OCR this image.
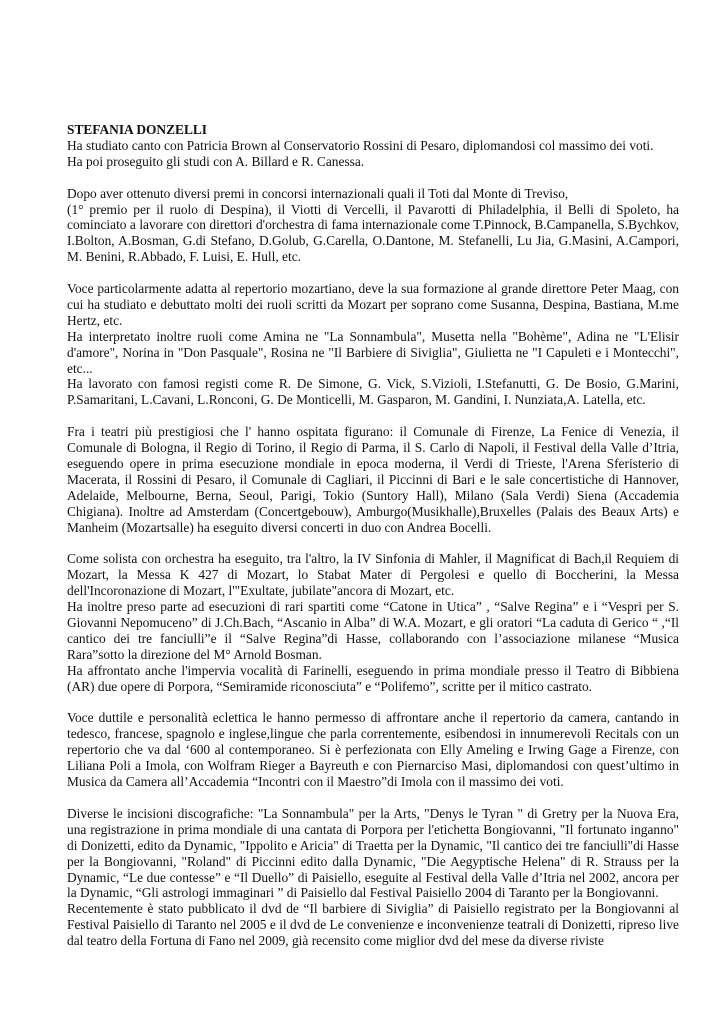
STEFANIA DONZELLI
Ha studiato canto con Patricia Brown al Conservatorio Rossini di Pesaro, diplomandosi col massimo dei voti.
Ha poi proseguito gli studi con A. Billard e R. Canessa.
Dopo aver ottenuto diversi premi in concorsi internazionali quali il Toti dal Monte di Treviso,
(1° premio per il ruolo di Despina), il Viotti di Vercelli, il Pavarotti di Philadelphia, il Belli di Spoleto, ha cominciato a lavorare con direttori d'orchestra di fama internazionale come T.Pinnock, B.Campanella, S.Bychkov, I.Bolton, A.Bosman, G.di Stefano, D.Golub, G.Carella, O.Dantone, M. Stefanelli, Lu Jia, G.Masini, A.Campori, M. Benini, R.Abbado, F. Luisi, E. Hull, etc.
Voce particolarmente adatta al repertorio mozartiano, deve la sua formazione al grande direttore Peter Maag, con cui ha studiato e debuttato molti dei ruoli scritti da Mozart per soprano come Susanna, Despina, Bastiana, M.me Hertz, etc.
Ha interpretato inoltre ruoli come Amina ne "La Sonnambula", Musetta nella "Bohème", Adina ne "L'Elisir d'amore", Norina in "Don Pasquale", Rosina ne "Il Barbiere di Siviglia", Giulietta ne "I Capuleti e i Montecchi", etc...
Ha lavorato con famosi registi come R. De Simone, G. Vick, S.Vizioli, I.Stefanutti, G. De Bosio, G.Marini, P.Samaritani, L.Cavani, L.Ronconi, G. De Monticelli, M. Gasparon, M. Gandini, I. Nunziata,A. Latella, etc.
Fra i teatri più prestigiosi che l' hanno ospitata figurano: il Comunale di Firenze, La Fenice di Venezia, il Comunale di Bologna, il Regio di Torino, il Regio di Parma, il S. Carlo di Napoli, il Festival della Valle d’Itria, eseguendo opere in prima esecuzione mondiale in epoca moderna, il Verdi di Trieste, l'Arena Sferisterio di Macerata, il Rossini di Pesaro, il Comunale di Cagliari, il Piccinni di Bari e le sale concertistiche di Hannover, Adelaide, Melbourne, Berna, Seoul, Parigi, Tokio (Suntory Hall), Milano (Sala Verdi) Siena (Accademia Chigiana). Inoltre ad Amsterdam (Concertgebouw), Amburgo(Musikhalle),Bruxelles (Palais des Beaux Arts) e Manheim (Mozartsalle) ha eseguito diversi concerti in duo con Andrea Bocelli.
Come solista con orchestra ha eseguito, tra l'altro, la IV Sinfonia di Mahler, il Magnificat di Bach,il Requiem di Mozart, la Messa K 427 di Mozart, lo Stabat Mater di Pergolesi e quello di Boccherini, la Messa dell'Incoronazione di Mozart, l'"Exultate, jubilate"ancora di Mozart, etc.
Ha inoltre preso parte ad esecuzioni di rari spartiti come “Catone in Utica” , “Salve Regina” e i “Vespri per S. Giovanni Nepomuceno” di J.Ch.Bach, “Ascanio in Alba” di W.A. Mozart, e gli oratori “La caduta di Gerico “ ,“Il cantico dei tre fanciulli”e il “Salve Regina”di Hasse, collaborando con l’associazione milanese “Musica Rara”sotto la direzione del M° Arnold Bosman.
Ha affrontato anche l'impervia vocalità di Farinelli, eseguendo in prima mondiale presso il Teatro di Bibbiena (AR) due opere di Porpora, “Semiramide riconosciuta” e “Polifemo”, scritte per il mitico castrato.
Voce duttile e personalità eclettica le hanno permesso di affrontare anche il repertorio da camera, cantando in tedesco, francese, spagnolo e inglese,lingue che parla correntemente, esibendosi in innumerevoli Recitals con un repertorio che va dal ‘600 al contemporaneo. Si è perfezionata con Elly Ameling e Irwing Gage a Firenze, con Liliana Poli a Imola, con Wolfram Rieger a Bayreuth e con Piernarciso Masi, diplomandosi con quest’ultimo in Musica da Camera all’Accademia “Incontri con il Maestro”di Imola con il massimo dei voti.
Diverse le incisioni discografiche: "La Sonnambula" per la Arts, "Denys le Tyran " di Gretry per la Nuova Era, una registrazione in prima mondiale di una cantata di Porpora per l'etichetta Bongiovanni, "Il fortunato inganno" di Donizetti, edito da Dynamic, "Ippolito e Aricia" di Traetta per la Dynamic, "Il cantico dei tre fanciulli"di Hasse per la Bongiovanni, "Roland" di Piccinni edito dalla Dynamic, "Die Aegyptische Helena" di R. Strauss per la Dynamic, “Le due contesse” e “Il Duello” di Paisiello, eseguite al Festival della Valle d’Itria nel 2002, ancora per la Dynamic, “Gli astrologi immaginari ” di Paisiello dal Festival Paisiello 2004 di Taranto per la Bongiovanni.
Recentemente è stato pubblicato il dvd de “Il barbiere di Siviglia” di Paisiello registrato per la Bongiovanni al Festival Paisiello di Taranto nel 2005 e il dvd de Le convenienze e inconvenienze teatrali di Donizetti, ripreso live dal teatro della Fortuna di Fano nel 2009, già recensito come miglior dvd del mese da diverse riviste
